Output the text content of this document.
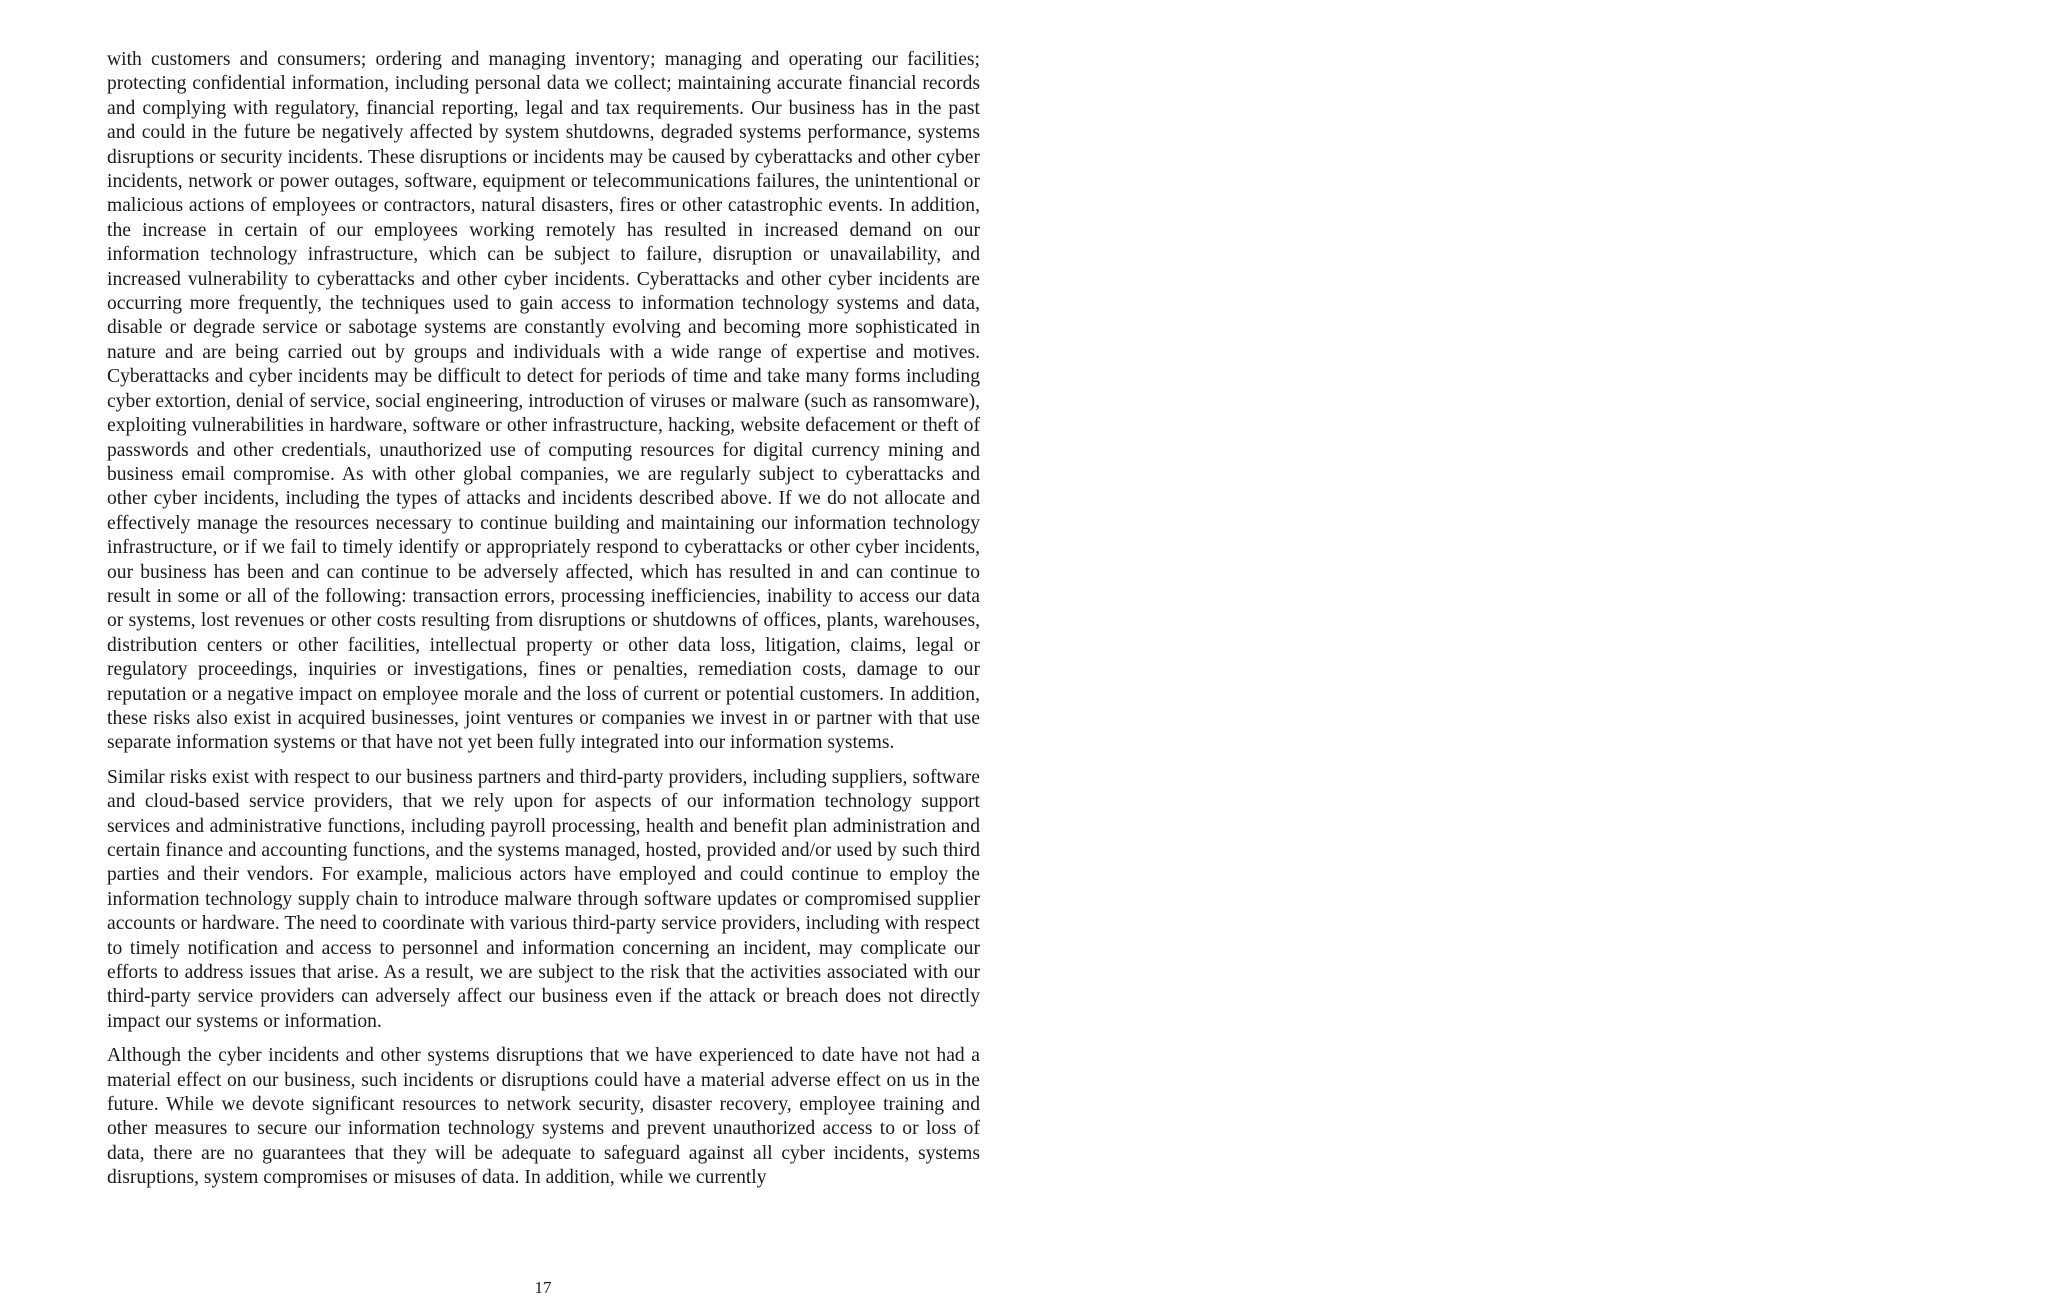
with customers and consumers; ordering and managing inventory; managing and operating our facilities; protecting confidential information, including personal data we collect; maintaining accurate financial records and complying with regulatory, financial reporting, legal and tax requirements. Our business has in the past and could in the future be negatively affected by system shutdowns, degraded systems performance, systems disruptions or security incidents. These disruptions or incidents may be caused by cyberattacks and other cyber incidents, network or power outages, software, equipment or telecommunications failures, the unintentional or malicious actions of employees or contractors, natural disasters, fires or other catastrophic events. In addition, the increase in certain of our employees working remotely has resulted in increased demand on our information technology infrastructure, which can be subject to failure, disruption or unavailability, and increased vulnerability to cyberattacks and other cyber incidents. Cyberattacks and other cyber incidents are occurring more frequently, the techniques used to gain access to information technology systems and data, disable or degrade service or sabotage systems are constantly evolving and becoming more sophisticated in nature and are being carried out by groups and individuals with a wide range of expertise and motives. Cyberattacks and cyber incidents may be difficult to detect for periods of time and take many forms including cyber extortion, denial of service, social engineering, introduction of viruses or malware (such as ransomware), exploiting vulnerabilities in hardware, software or other infrastructure, hacking, website defacement or theft of passwords and other credentials, unauthorized use of computing resources for digital currency mining and business email compromise. As with other global companies, we are regularly subject to cyberattacks and other cyber incidents, including the types of attacks and incidents described above. If we do not allocate and effectively manage the resources necessary to continue building and maintaining our information technology infrastructure, or if we fail to timely identify or appropriately respond to cyberattacks or other cyber incidents, our business has been and can continue to be adversely affected, which has resulted in and can continue to result in some or all of the following: transaction errors, processing inefficiencies, inability to access our data or systems, lost revenues or other costs resulting from disruptions or shutdowns of offices, plants, warehouses, distribution centers or other facilities, intellectual property or other data loss, litigation, claims, legal or regulatory proceedings, inquiries or investigations, fines or penalties, remediation costs, damage to our reputation or a negative impact on employee morale and the loss of current or potential customers. In addition, these risks also exist in acquired businesses, joint ventures or companies we invest in or partner with that use separate information systems or that have not yet been fully integrated into our information systems.

Similar risks exist with respect to our business partners and third-party providers, including suppliers, software and cloud-based service providers, that we rely upon for aspects of our information technology support services and administrative functions, including payroll processing, health and benefit plan administration and certain finance and accounting functions, and the systems managed, hosted, provided and/or used by such third parties and their vendors. For example, malicious actors have employed and could continue to employ the information technology supply chain to introduce malware through software updates or compromised supplier accounts or hardware. The need to coordinate with various third-party service providers, including with respect to timely notification and access to personnel and information concerning an incident, may complicate our efforts to address issues that arise. As a result, we are subject to the risk that the activities associated with our third-party service providers can adversely affect our business even if the attack or breach does not directly impact our systems or information.

Although the cyber incidents and other systems disruptions that we have experienced to date have not had a material effect on our business, such incidents or disruptions could have a material adverse effect on us in the future. While we devote significant resources to network security, disaster recovery, employee training and other measures to secure our information technology systems and prevent unauthorized access to or loss of data, there are no guarantees that they will be adequate to safeguard against all cyber incidents, systems disruptions, system compromises or misuses of data. In addition, while we currently

17
